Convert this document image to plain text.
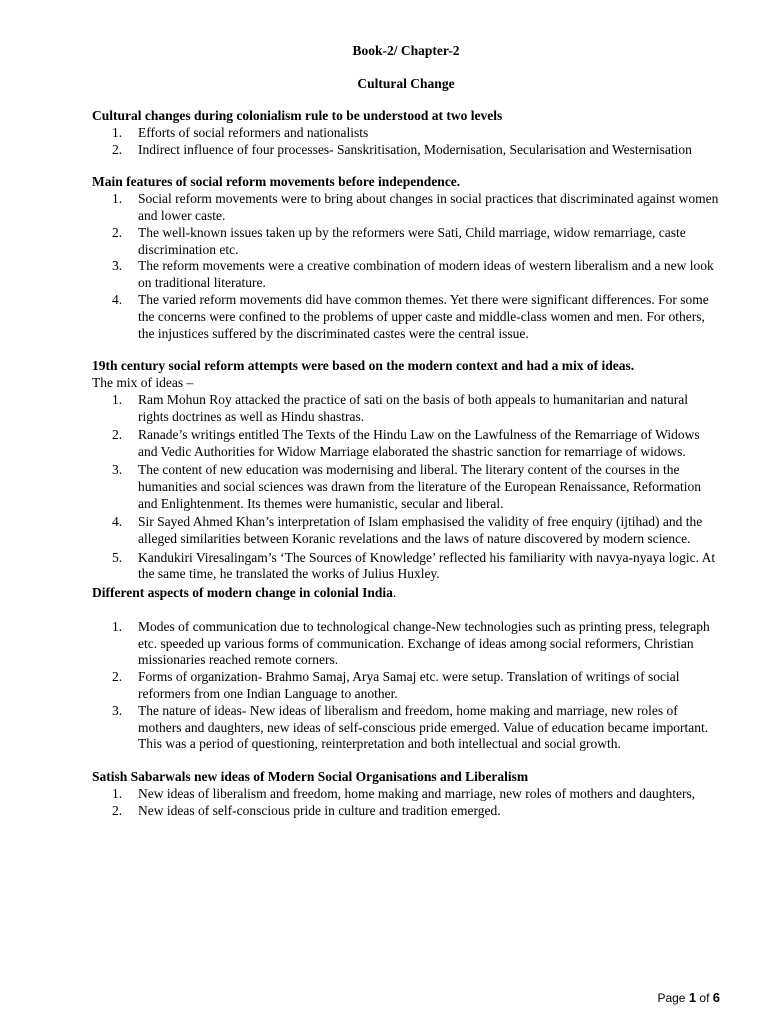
Book-2/ Chapter-2
Cultural Change
Cultural changes during colonialism rule to be understood at two levels
1. Efforts of social reformers and nationalists
2. Indirect influence of four processes- Sanskritisation, Modernisation, Secularisation and Westernisation
Main features of social reform movements before independence.
1. Social reform movements were to bring about changes in social practices that discriminated against women and lower caste.
2. The well-known issues taken up by the reformers were Sati, Child marriage, widow remarriage, caste discrimination etc.
3. The reform movements were a creative combination of modern ideas of western liberalism and a new look on traditional literature.
4. The varied reform movements did have common themes. Yet there were significant differences. For some the concerns were confined to the problems of upper caste and middle-class women and men. For others, the injustices suffered by the discriminated castes were the central issue.
19th century social reform attempts were based on the modern context and had a mix of ideas.
The mix of ideas –
1. Ram Mohun Roy attacked the practice of sati on the basis of both appeals to humanitarian and natural rights doctrines as well as Hindu shastras.
2. Ranade’s writings entitled The Texts of the Hindu Law on the Lawfulness of the Remarriage of Widows and Vedic Authorities for Widow Marriage elaborated the shastric sanction for remarriage of widows.
3. The content of new education was modernising and liberal. The literary content of the courses in the humanities and social sciences was drawn from the literature of the European Renaissance, Reformation and Enlightenment. Its themes were humanistic, secular and liberal.
4. Sir Sayed Ahmed Khan’s interpretation of Islam emphasised the validity of free enquiry (ijtihad) and the alleged similarities between Koranic revelations and the laws of nature discovered by modern science.
5. Kandukiri Viresalingam’s ‘The Sources of Knowledge’ reflected his familiarity with navya-nyaya logic. At the same time, he translated the works of Julius Huxley.
Different aspects of modern change in colonial India.
1. Modes of communication due to technological change-New technologies such as printing press, telegraph etc. speeded up various forms of communication. Exchange of ideas among social reformers, Christian missionaries reached remote corners.
2. Forms of organization- Brahmo Samaj, Arya Samaj etc. were setup. Translation of writings of social reformers from one Indian Language to another.
3. The nature of ideas- New ideas of liberalism and freedom, home making and marriage, new roles of mothers and daughters, new ideas of self-conscious pride emerged. Value of education became important. This was a period of questioning, reinterpretation and both intellectual and social growth.
Satish Sabarwals new ideas of Modern Social Organisations and Liberalism
1. New ideas of liberalism and freedom, home making and marriage, new roles of mothers and daughters,
2. New ideas of self-conscious pride in culture and tradition emerged.
Page 1 of 6
